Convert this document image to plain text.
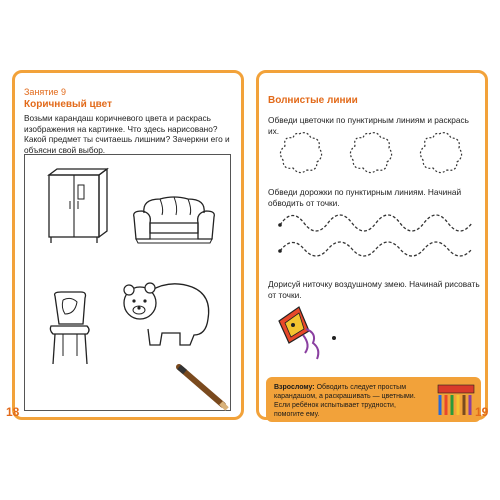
Занятие 9
Коричневый цвет
Возьми карандаш коричневого цвета и раскрась изображения на картинке. Что здесь нарисовано? Какой предмет ты считаешь лишним? Зачеркни его и объясни свой выбор.
18
Волнистые линии
Обведи цветочки по пунктирным линиям и раскрась их.
Обведи дорожки по пунктирным линиям. Начинай обводить от точки.
Дорисуй ниточку воздушному змею. Начинай рисовать от точки.
Взрослому: Обводить следует простым карандашом, а раскрашивать — цветными. Если ребёнок испытывает трудности, помогите ему.	19
